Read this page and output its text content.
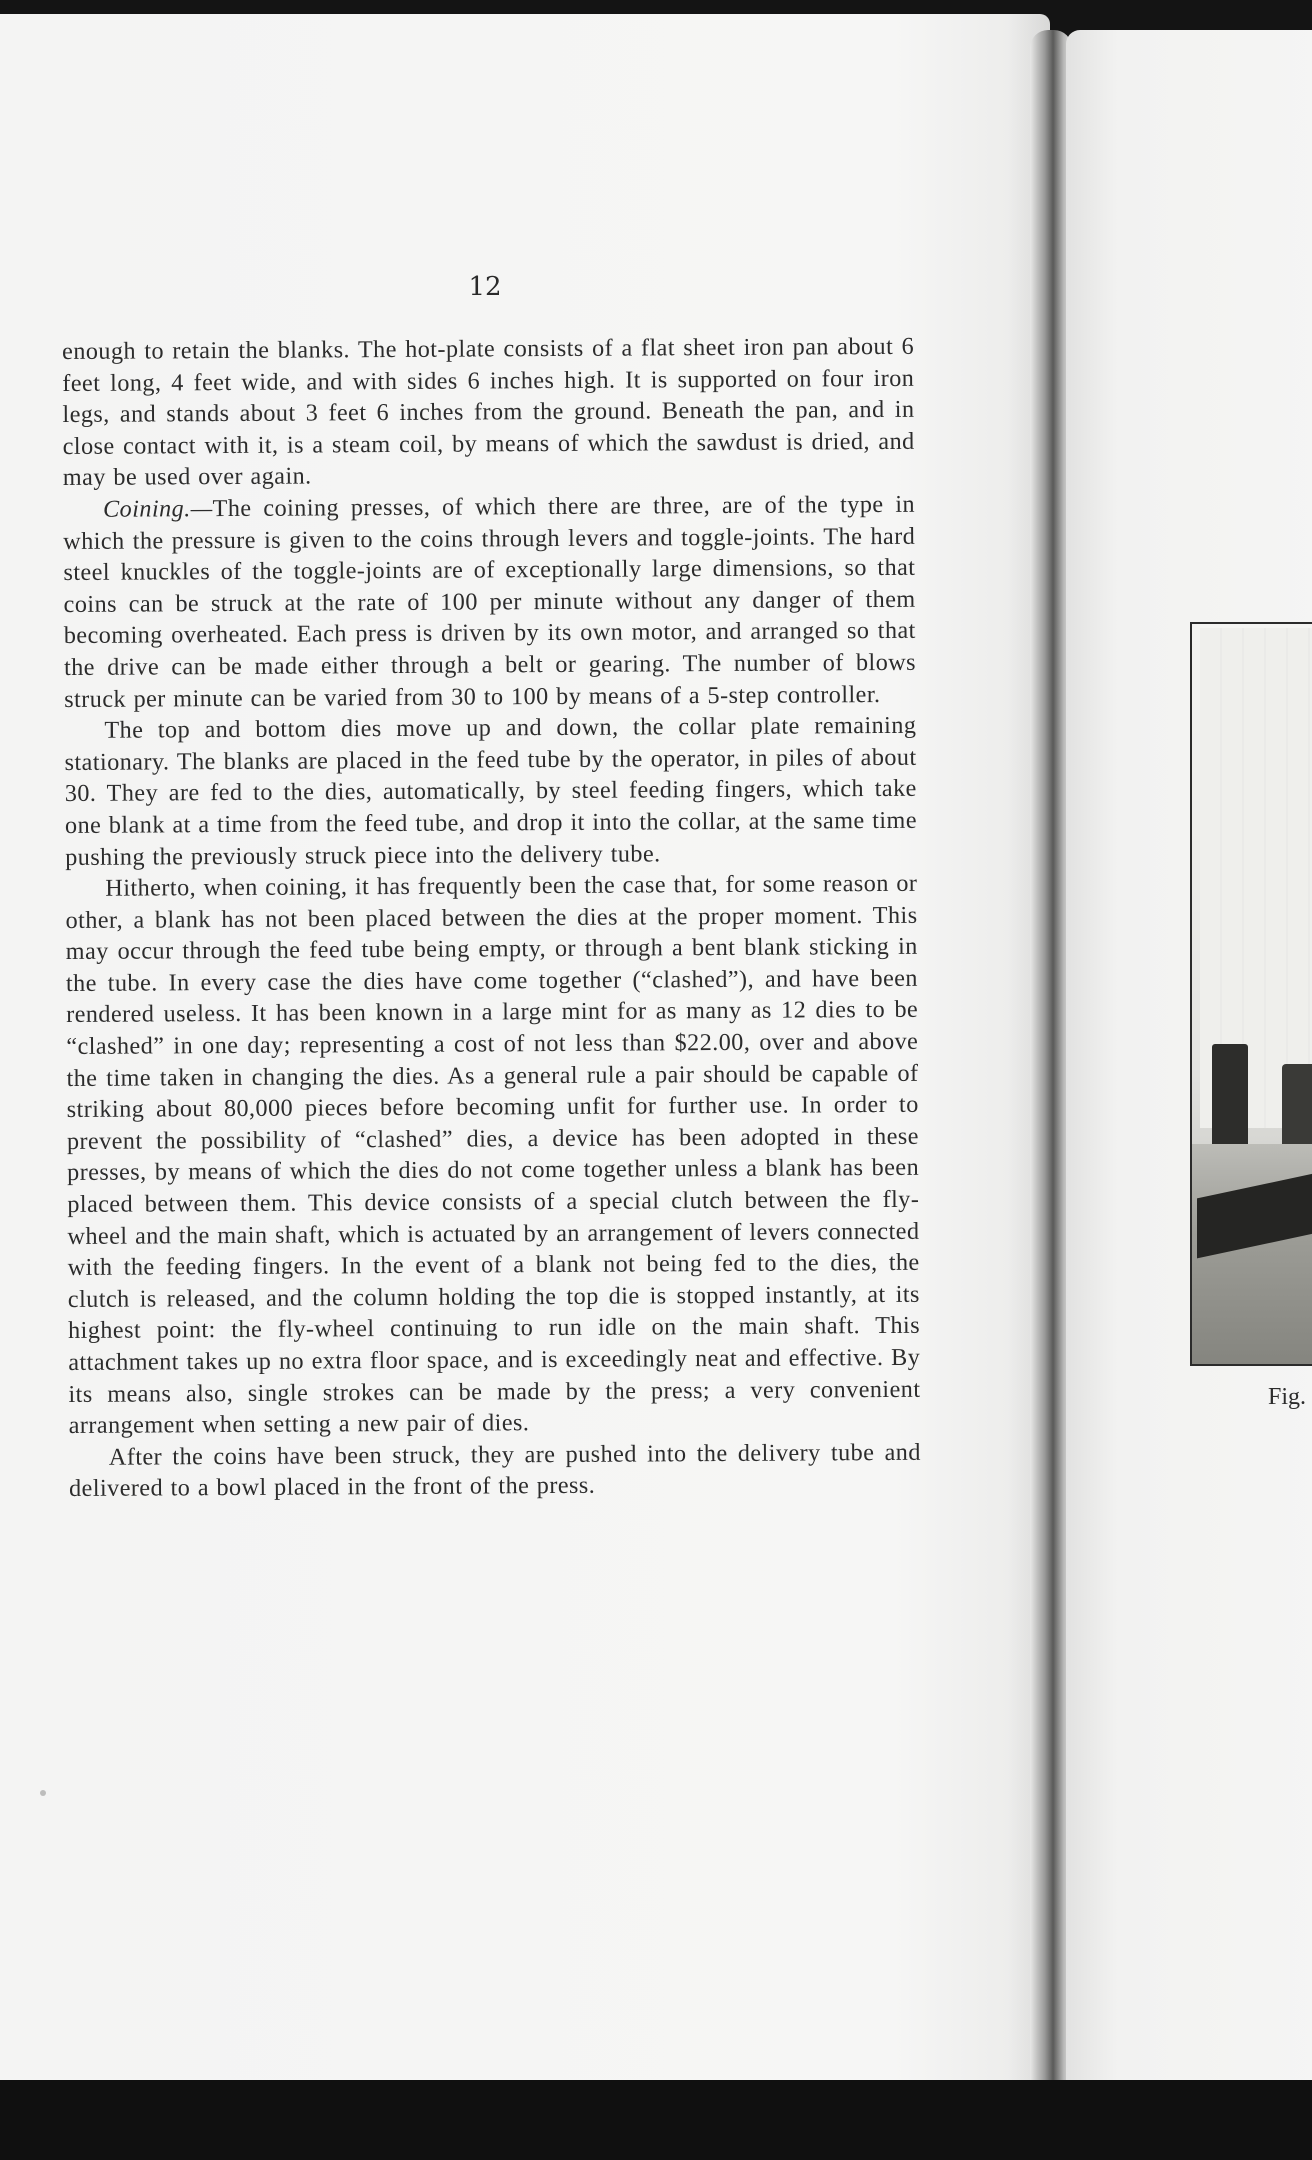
12

enough to retain the blanks. The hot-plate consists of a flat sheet iron pan about 6 feet long, 4 feet wide, and with sides 6 inches high. It is supported on four iron legs, and stands about 3 feet 6 inches from the ground. Beneath the pan, and in close contact with it, is a steam coil, by means of which the sawdust is dried, and may be used over again.

Coining.—The coining presses, of which there are three, are of the type in which the pressure is given to the coins through levers and toggle-joints. The hard steel knuckles of the toggle-joints are of exceptionally large dimensions, so that coins can be struck at the rate of 100 per minute without any danger of them becoming overheated. Each press is driven by its own motor, and arranged so that the drive can be made either through a belt or gearing. The number of blows struck per minute can be varied from 30 to 100 by means of a 5-step controller.

The top and bottom dies move up and down, the collar plate remaining stationary. The blanks are placed in the feed tube by the operator, in piles of about 30. They are fed to the dies, automatically, by steel feeding fingers, which take one blank at a time from the feed tube, and drop it into the collar, at the same time pushing the previously struck piece into the delivery tube.

Hitherto, when coining, it has frequently been the case that, for some reason or other, a blank has not been placed between the dies at the proper moment. This may occur through the feed tube being empty, or through a bent blank sticking in the tube. In every case the dies have come together (“clashed”), and have been rendered useless. It has been known in a large mint for as many as 12 dies to be “clashed” in one day; representing a cost of not less than $22.00, over and above the time taken in changing the dies. As a general rule a pair should be capable of striking about 80,000 pieces before becoming unfit for further use. In order to prevent the possibility of “clashed” dies, a device has been adopted in these presses, by means of which the dies do not come together unless a blank has been placed between them. This device consists of a special clutch between the fly-wheel and the main shaft, which is actuated by an arrangement of levers connected with the feeding fingers. In the event of a blank not being fed to the dies, the clutch is released, and the column holding the top die is stopped instantly, at its highest point: the fly-wheel continuing to run idle on the main shaft. This attachment takes up no extra floor space, and is exceedingly neat and effective. By its means also, single strokes can be made by the press; a very convenient arrangement when setting a new pair of dies.

After the coins have been struck, they are pushed into the delivery tube and delivered to a bowl placed in the front of the press.

Fig.
